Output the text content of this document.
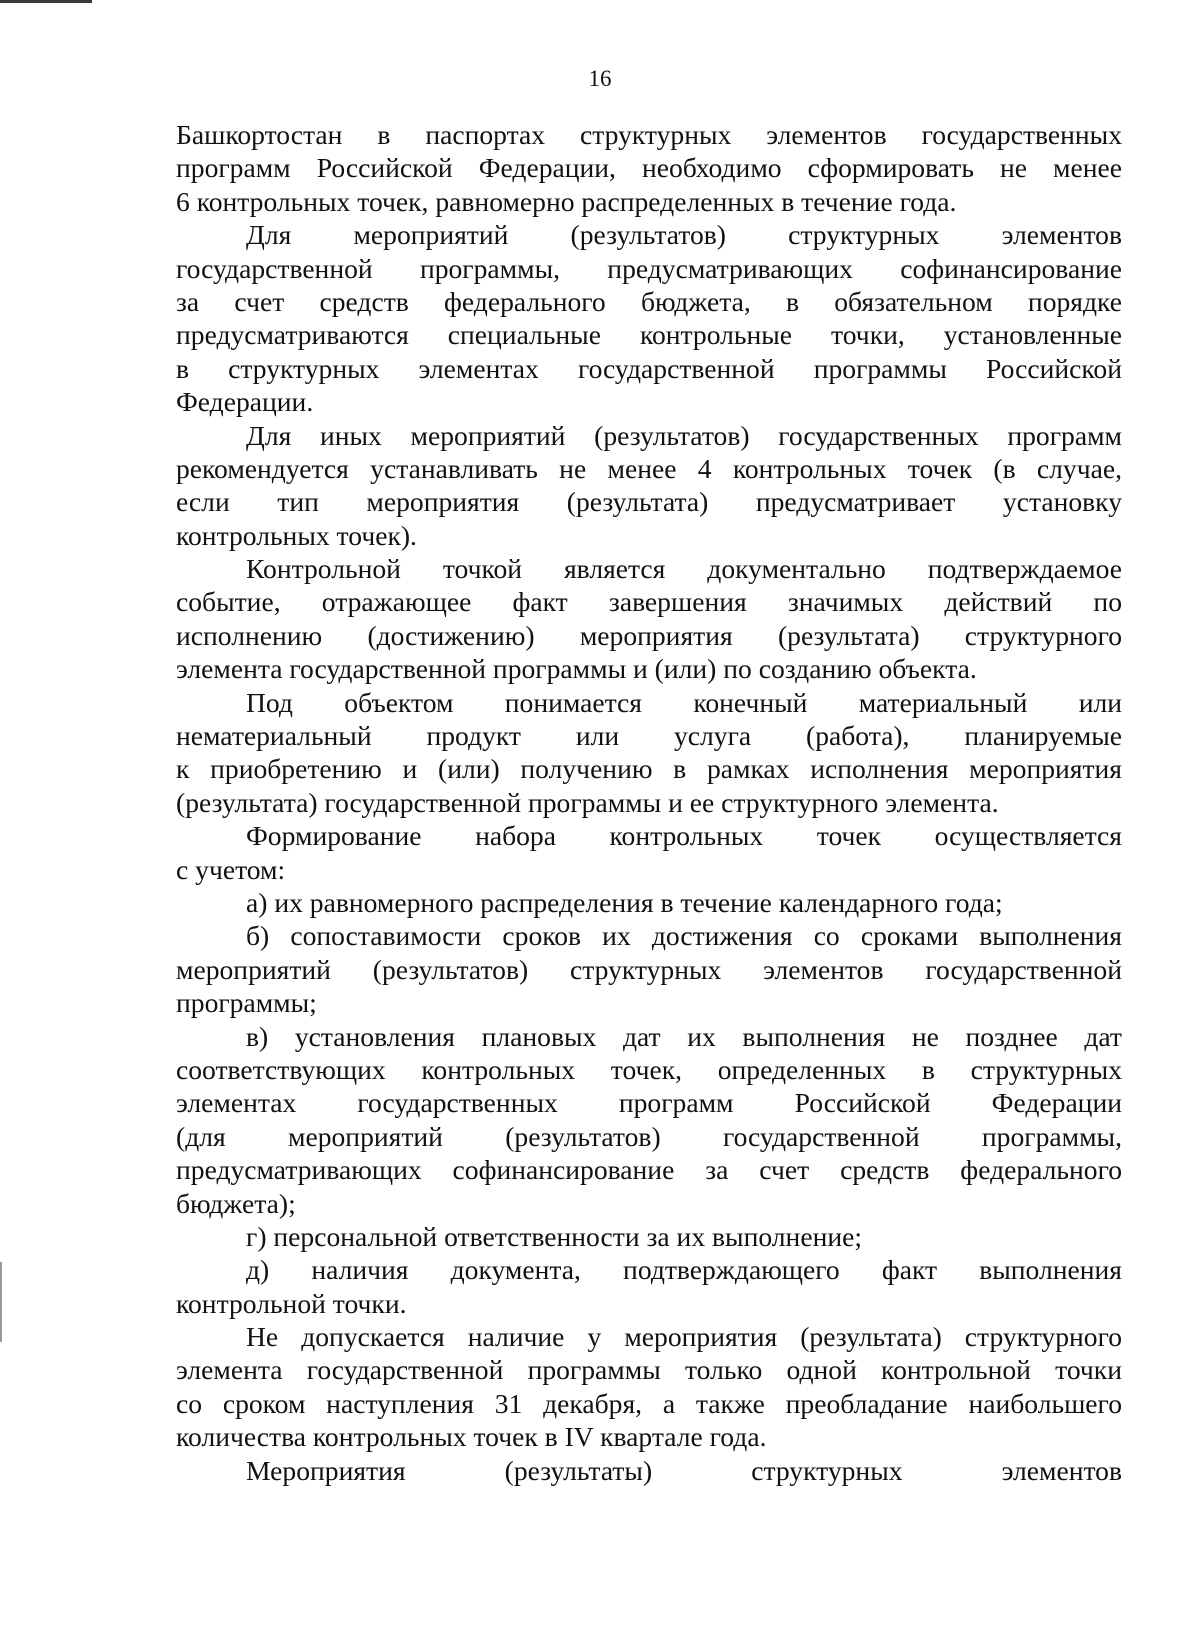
16
Башкортостан в паспортах структурных элементов государственных
программ Российской Федерации, необходимо сформировать не менее
6 контрольных точек, равномерно распределенных в течение года.
Для мероприятий (результатов) структурных элементов
государственной программы, предусматривающих софинансирование
за счет средств федерального бюджета, в обязательном порядке
предусматриваются специальные контрольные точки, установленные
в структурных элементах государственной программы Российской
Федерации.
Для иных мероприятий (результатов) государственных программ
рекомендуется устанавливать не менее 4 контрольных точек (в случае,
если тип мероприятия (результата) предусматривает установку
контрольных точек).
Контрольной точкой является документально подтверждаемое
событие, отражающее факт завершения значимых действий по
исполнению (достижению) мероприятия (результата) структурного
элемента государственной программы и (или) по созданию объекта.
Под объектом понимается конечный материальный или
нематериальный продукт или услуга (работа), планируемые
к приобретению и (или) получению в рамках исполнения мероприятия
(результата) государственной программы и ее структурного элемента.
Формирование набора контрольных точек осуществляется
с учетом:
а) их равномерного распределения в течение календарного года;
б) сопоставимости сроков их достижения со сроками выполнения
мероприятий (результатов) структурных элементов государственной
программы;
в) установления плановых дат их выполнения не позднее дат
соответствующих контрольных точек, определенных в структурных
элементах государственных программ Российской Федерации
(для мероприятий (результатов) государственной программы,
предусматривающих софинансирование за счет средств федерального
бюджета);
г) персональной ответственности за их выполнение;
д) наличия документа, подтверждающего факт выполнения
контрольной точки.
Не допускается наличие у мероприятия (результата) структурного
элемента государственной программы только одной контрольной точки
со сроком наступления 31 декабря, а также преобладание наибольшего
количества контрольных точек в IV квартале года.
Мероприятия (результаты) структурных элементов
